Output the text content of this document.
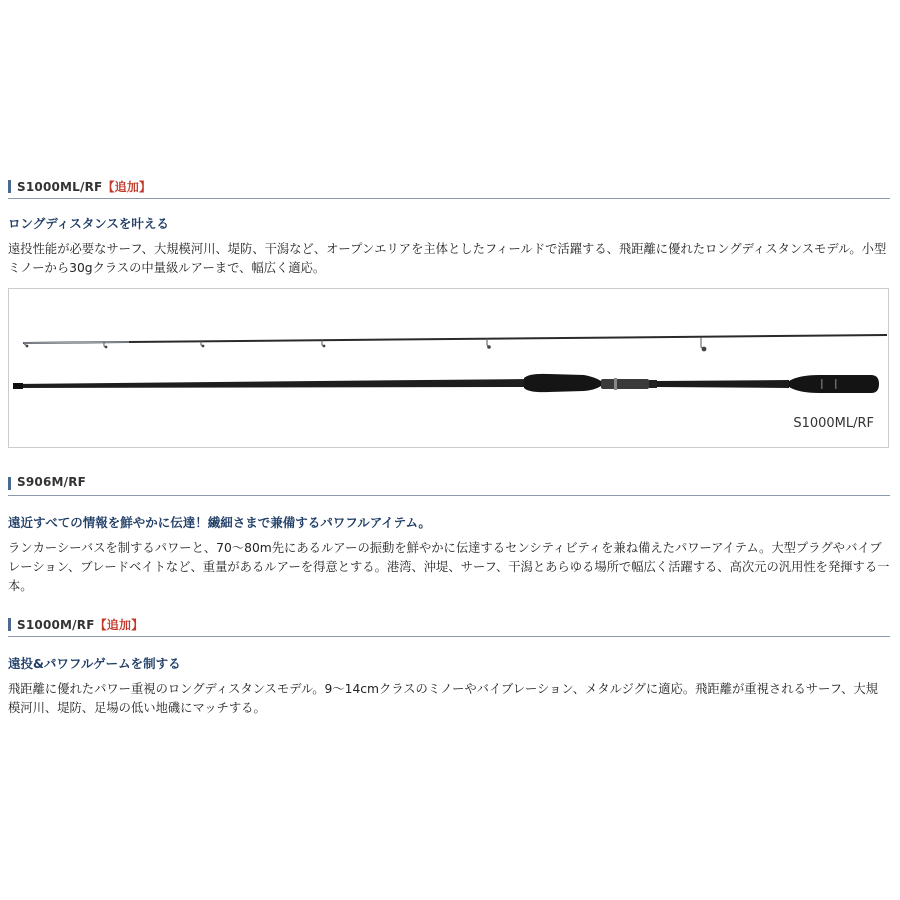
S1000ML/RF【追加】
ロングディスタンスを叶える
遠投性能が必要なサーフ、大規模河川、堤防、干潟など、オープンエリアを主体としたフィールドで活躍する、飛距離に優れたロングディスタンスモデル。小型ミノーから30gクラスの中量級ルアーまで、幅広く適応。
S1000ML/RF
S906M/RF
遠近すべての情報を鮮やかに伝達！繊細さまで兼備するパワフルアイテム。
ランカーシーバスを制するパワーと、70～80m先にあるルアーの振動を鮮やかに伝達するセンシティビティを兼ね備えたパワーアイテム。大型プラグやバイブレーション、ブレードベイトなど、重量があるルアーを得意とする。港湾、沖堤、サーフ、干潟とあらゆる場所で幅広く活躍する、高次元の汎用性を発揮する一本。
S1000M/RF【追加】
遠投&パワフルゲームを制する
飛距離に優れたパワー重視のロングディスタンスモデル。9～14cmクラスのミノーやバイブレーション、メタルジグに適応。飛距離が重視されるサーフ、大規模河川、堤防、足場の低い地磯にマッチする。
